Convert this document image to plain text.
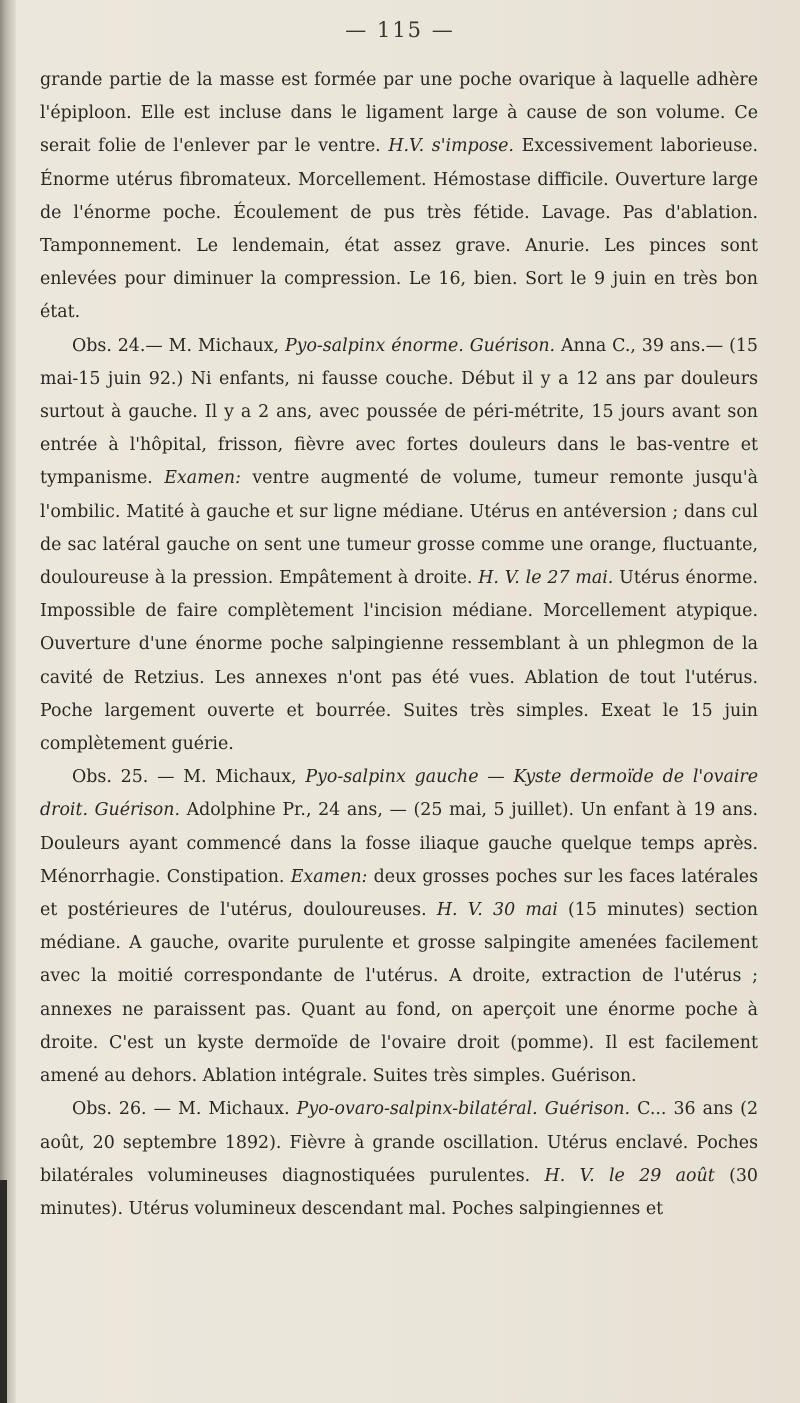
— 115 —

grande partie de la masse est formée par une poche ovarique à laquelle adhère l'épiploon. Elle est incluse dans le ligament large à cause de son volume. Ce serait folie de l'enlever par le ventre. H.V. s'impose. Excessivement laborieuse. Énorme utérus fibromateux. Morcellement. Hémostase difficile. Ouverture large de l'énorme poche. Écoulement de pus très fétide. Lavage. Pas d'ablation. Tamponnement. Le lendemain, état assez grave. Anurie. Les pinces sont enlevées pour diminuer la compression. Le 16, bien. Sort le 9 juin en très bon état.

Obs. 24.— M. Michaux, Pyo-salpinx énorme. Guérison. Anna C., 39 ans.— (15 mai-15 juin 92.) Ni enfants, ni fausse couche. Début il y a 12 ans par douleurs surtout à gauche. Il y a 2 ans, avec poussée de péri-métrite, 15 jours avant son entrée à l'hôpital, frisson, fièvre avec fortes douleurs dans le bas-ventre et tympanisme. Examen: ventre augmenté de volume, tumeur remonte jusqu'à l'ombilic. Matité à gauche et sur ligne médiane. Utérus en antéversion ; dans cul de sac latéral gauche on sent une tumeur grosse comme une orange, fluctuante, douloureuse à la pression. Empâtement à droite. H. V. le 27 mai. Utérus énorme. Impossible de faire complètement l'incision médiane. Morcellement atypique. Ouverture d'une énorme poche salpingienne ressemblant à un phlegmon de la cavité de Retzius. Les annexes n'ont pas été vues. Ablation de tout l'utérus. Poche largement ouverte et bourrée. Suites très simples. Exeat le 15 juin complètement guérie.

Obs. 25. — M. Michaux, Pyo-salpinx gauche — Kyste dermoïde de l'ovaire droit. Guérison. Adolphine Pr., 24 ans, — (25 mai, 5 juillet). Un enfant à 19 ans. Douleurs ayant commencé dans la fosse iliaque gauche quelque temps après. Ménorrhagie. Constipation. Examen: deux grosses poches sur les faces latérales et postérieures de l'utérus, douloureuses. H. V. 30 mai (15 minutes) section médiane. A gauche, ovarite purulente et grosse salpingite amenées facilement avec la moitié correspondante de l'utérus. A droite, extraction de l'utérus ; annexes ne paraissent pas. Quant au fond, on aperçoit une énorme poche à droite. C'est un kyste dermoïde de l'ovaire droit (pomme). Il est facilement amené au dehors. Ablation intégrale. Suites très simples. Guérison.

Obs. 26. — M. Michaux. Pyo-ovaro-salpinx-bilatéral. Guérison. C... 36 ans (2 août, 20 septembre 1892). Fièvre à grande oscillation. Utérus enclavé. Poches bilatérales volumineuses diagnostiquées purulentes. H. V. le 29 août (30 minutes). Utérus volumineux descendant mal. Poches salpingiennes et
